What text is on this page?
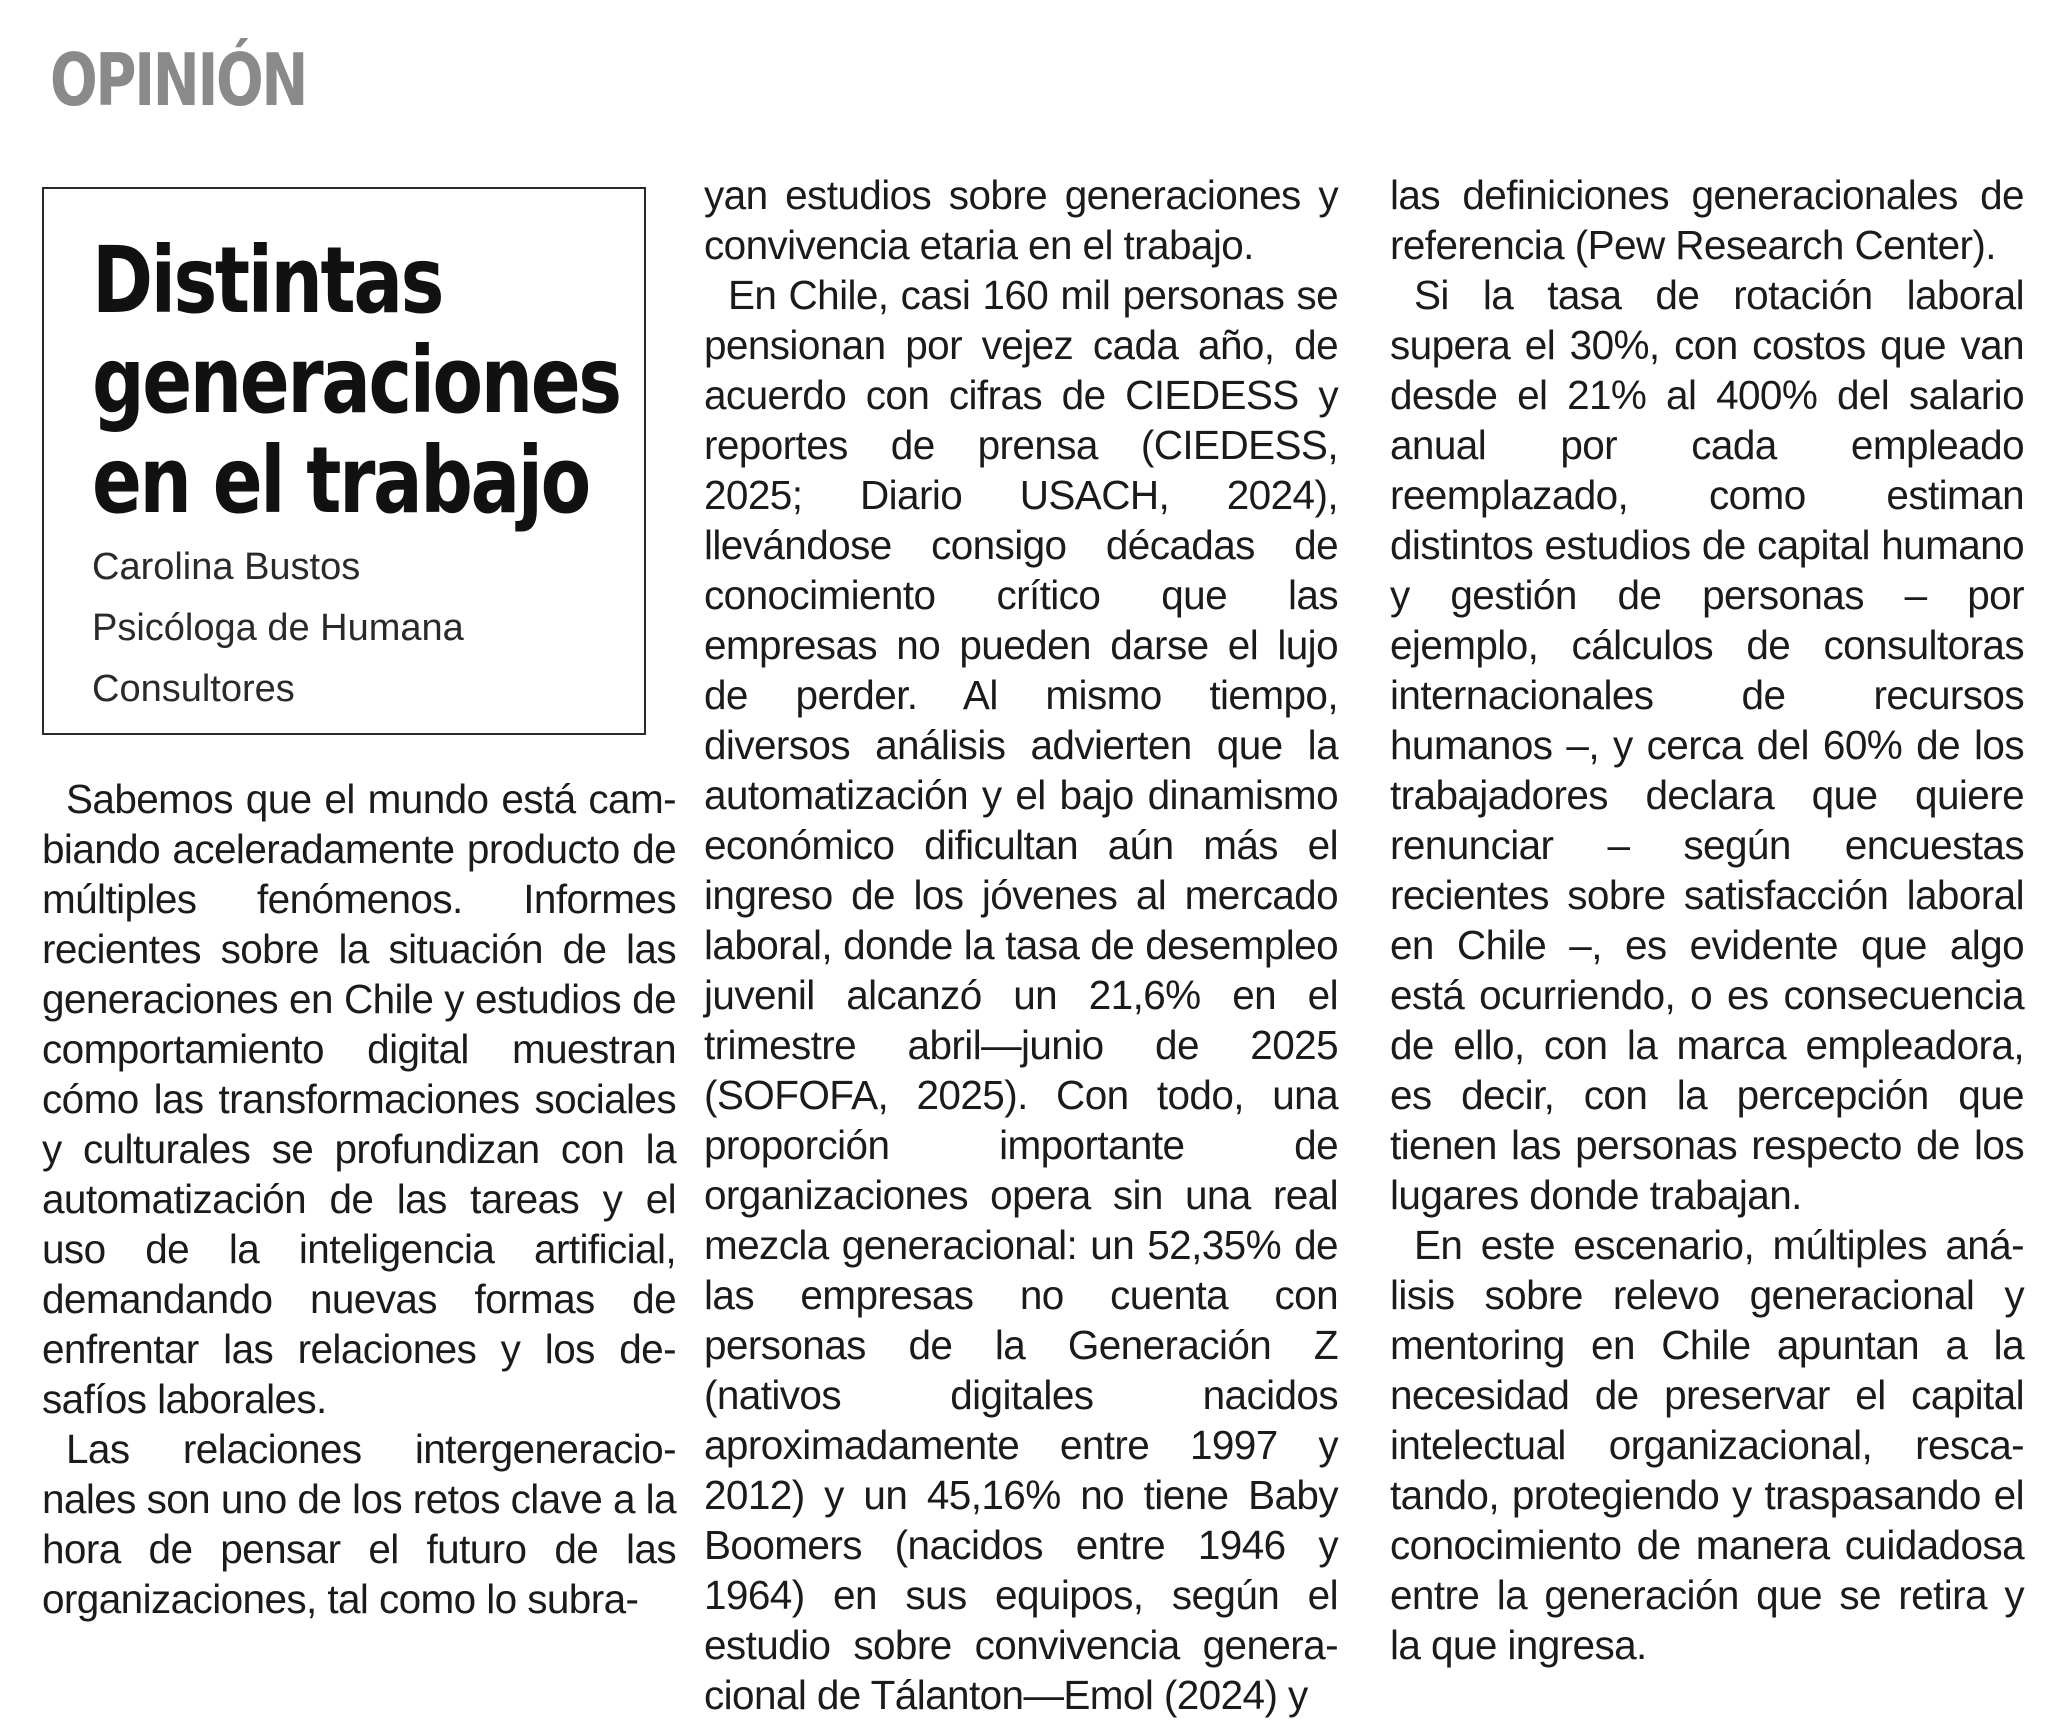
OPINIÓN
Distintas
generaciones
en el trabajo
Carolina Bustos
Psicóloga de Humana
Consultores

Sabemos que el mundo está cam- biando aceleradamente producto de múltiples fenómenos. Informes recientes sobre la situación de las generaciones en Chile y estudios de comportamiento digital muestran cómo las transformaciones sociales y culturales se profundizan con la automatización de las tareas y el uso de la inteligencia artificial, demandando nuevas formas de enfrentar las relaciones y los de- safíos laborales.

Las relaciones intergeneracio- nales son uno de los retos clave a la hora de pensar el futuro de las organizaciones, tal como lo subra-

yan estudios sobre generaciones y convivencia etaria en el trabajo.

En Chile, casi 160 mil personas se pensionan por vejez cada año, de acuerdo con cifras de CIEDESS y reportes de prensa (CIEDESS, 2025; Diario USACH, 2024), llevándose consigo décadas de conocimiento crítico que las empresas no pueden darse el lujo de perder. Al mismo tiempo, diversos análisis advierten que la automatización y el bajo dinamismo económico dificultan aún más el ingreso de los jóvenes al mercado laboral, donde la tasa de desempleo juvenil alcanzó un 21,6% en el trimestre abril—junio de 2025 (SOFOFA, 2025). Con todo, una proporción importante de organizaciones opera sin una real mezcla generacional: un 52,35% de las empresas no cuenta con personas de la Generación Z (nativos digitales	nacidos aproximadamente entre 1997 y 2012) y un 45,16% no tiene Baby Boomers (nacidos entre 1946 y 1964) en sus equipos, según el estudio sobre convivencia genera- cional de Tálanton—Emol (2024) y

las definiciones generacionales de referencia (Pew Research Center).

Si la tasa de rotación laboral supera el 30%, con costos que van desde el 21% al 400% del salario anual por cada empleado reemplazado, como estiman distintos estudios de capital humano y gestión de personas – por ejemplo, cálculos de consultoras internacionales de recursos humanos –, y cerca del 60% de los trabajadores declara que quiere renunciar – según encuestas recientes sobre satisfacción laboral en Chile –, es evidente que algo está ocurriendo, o es consecuencia de ello, con la marca empleadora, es decir, con la percepción que tienen las personas respecto de los lugares donde trabajan.

En este escenario, múltiples aná- lisis sobre relevo generacional y mentoring en Chile apuntan a la necesidad de preservar el capital intelectual organizacional, resca- tando, protegiendo y traspasando el conocimiento de manera cuidadosa entre la generación que se retira y la que ingresa.
